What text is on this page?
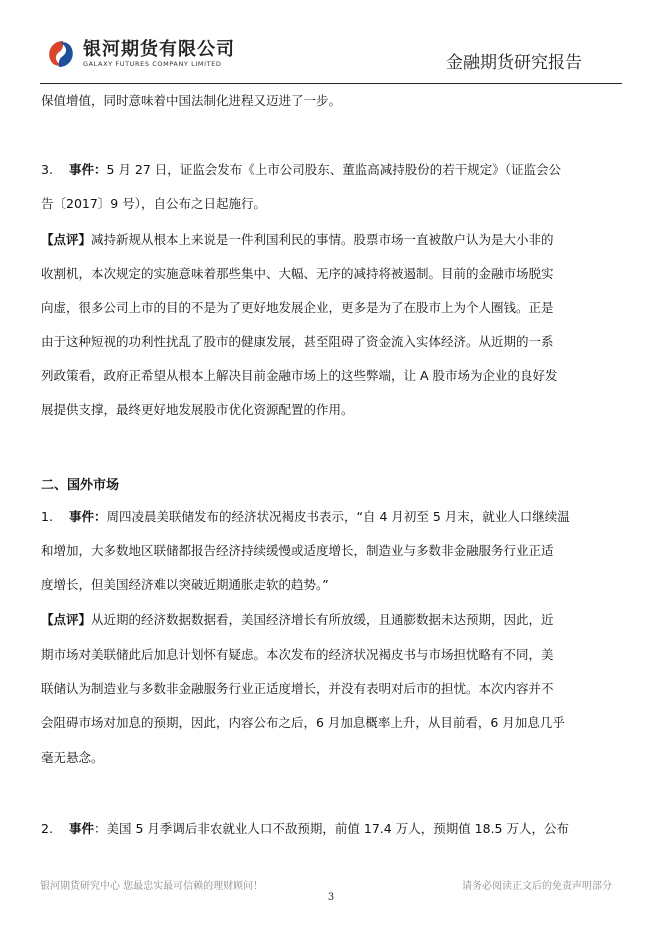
银河期货有限公司
GALAXY FUTURES COMPANY LIMITED	金融期货研究报告
保值增值，同时意味着中国法制化进程又迈进了一步。
3. 事件：5 月 27 日，证监会发布《上市公司股东、董监高减持股份的若干规定》（证监会公
告〔2017〕9 号），自公布之日起施行。
【点评】减持新规从根本上来说是一件利国利民的事情。股票市场一直被散户认为是大小非的
收割机，本次规定的实施意味着那些集中、大幅、无序的减持将被遏制。目前的金融市场脱实
向虚，很多公司上市的目的不是为了更好地发展企业，更多是为了在股市上为个人圈钱。正是
由于这种短视的功利性扰乱了股市的健康发展，甚至阻碍了资金流入实体经济。从近期的一系
列政策看，政府正希望从根本上解决目前金融市场上的这些弊端，让 A 股市场为企业的良好发
展提供支撑，最终更好地发展股市优化资源配置的作用。
二、国外市场
1. 事件：周四凌晨美联储发布的经济状况褐皮书表示，“自 4 月初至 5 月末，就业人口继续温
和增加，大多数地区联储都报告经济持续缓慢或适度增长，制造业与多数非金融服务行业正适
度增长，但美国经济难以突破近期通胀走软的趋势。”
【点评】从近期的经济数据数据看，美国经济增长有所放缓，且通膨数据未达预期，因此，近
期市场对美联储此后加息计划怀有疑虑。本次发布的经济状况褐皮书与市场担忧略有不同，美
联储认为制造业与多数非金融服务行业正适度增长，并没有表明对后市的担忧。本次内容并不
会阻碍市场对加息的预期，因此，内容公布之后，6 月加息概率上升，从目前看，6 月加息几乎
毫无悬念。
2. 事件：美国 5 月季调后非农就业人口不敌预期，前值 17.4 万人，预期值 18.5 万人，公布
银河期货研究中心 您最忠实最可信赖的理财顾问！	请务必阅读正文后的免责声明部分
3
